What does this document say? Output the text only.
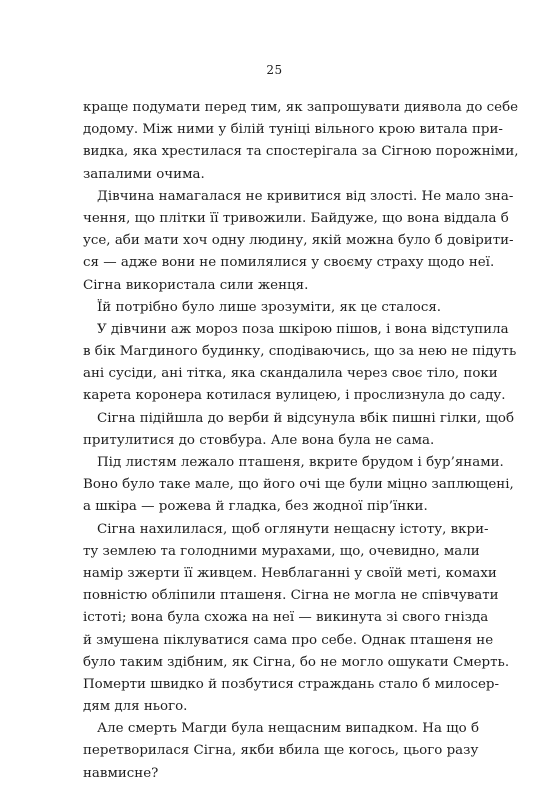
25
краще подумати перед тим, як запрошувати диявола до себе
додому. Між ними у білій туніці вільного крою витала при-
видка, яка хрестилася та спостерігала за Сігною порожніми,
запалими очима.
Дівчина намагалася не кривитися від злості. Не мало зна-
чення, що плітки її тривожили. Байдуже, що вона віддала б
усе, аби мати хоч одну людину, якій можна було б довірити-
ся — адже вони не помилялися у своєму страху щодо неї.
Сігна використала сили женця.
Їй потрібно було лише зрозуміти, як це сталося.
У дівчини аж мороз поза шкірою пішов, і вона відступила
в бік Магдиного будинку, сподіваючись, що за нею не підуть
ані сусіди, ані тітка, яка скандалила через своє тіло, поки
карета коронера котилася вулицею, і прослизнула до саду.
Сігна підійшла до верби й відсунула вбік пишні гілки, щоб
притулитися до стовбура. Але вона була не сама.
Під листям лежало пташеня, вкрите брудом і бур’янами.
Воно було таке мале, що його очі ще були міцно заплющені,
а шкіра — рожева й гладка, без жодної пір’їнки.
Сігна нахилилася, щоб оглянути нещасну істоту, вкри-
ту землею та голодними мурахами, що, очевидно, мали
намір зжерти її живцем. Невблаганні у своїй меті, комахи
повністю обліпили пташеня. Сігна не могла не співчувати
істоті; вона була схожа на неї — викинута зі свого гнізда
й змушена піклуватися сама про себе. Однак пташеня не
було таким здібним, як Сігна, бо не могло ошукати Смерть.
Померти швидко й позбутися страждань стало б милосер-
дям для нього.
Але смерть Магди була нещасним випадком. На що б
перетворилася Сігна, якби вбила ще когось, цього разу
навмисне?
